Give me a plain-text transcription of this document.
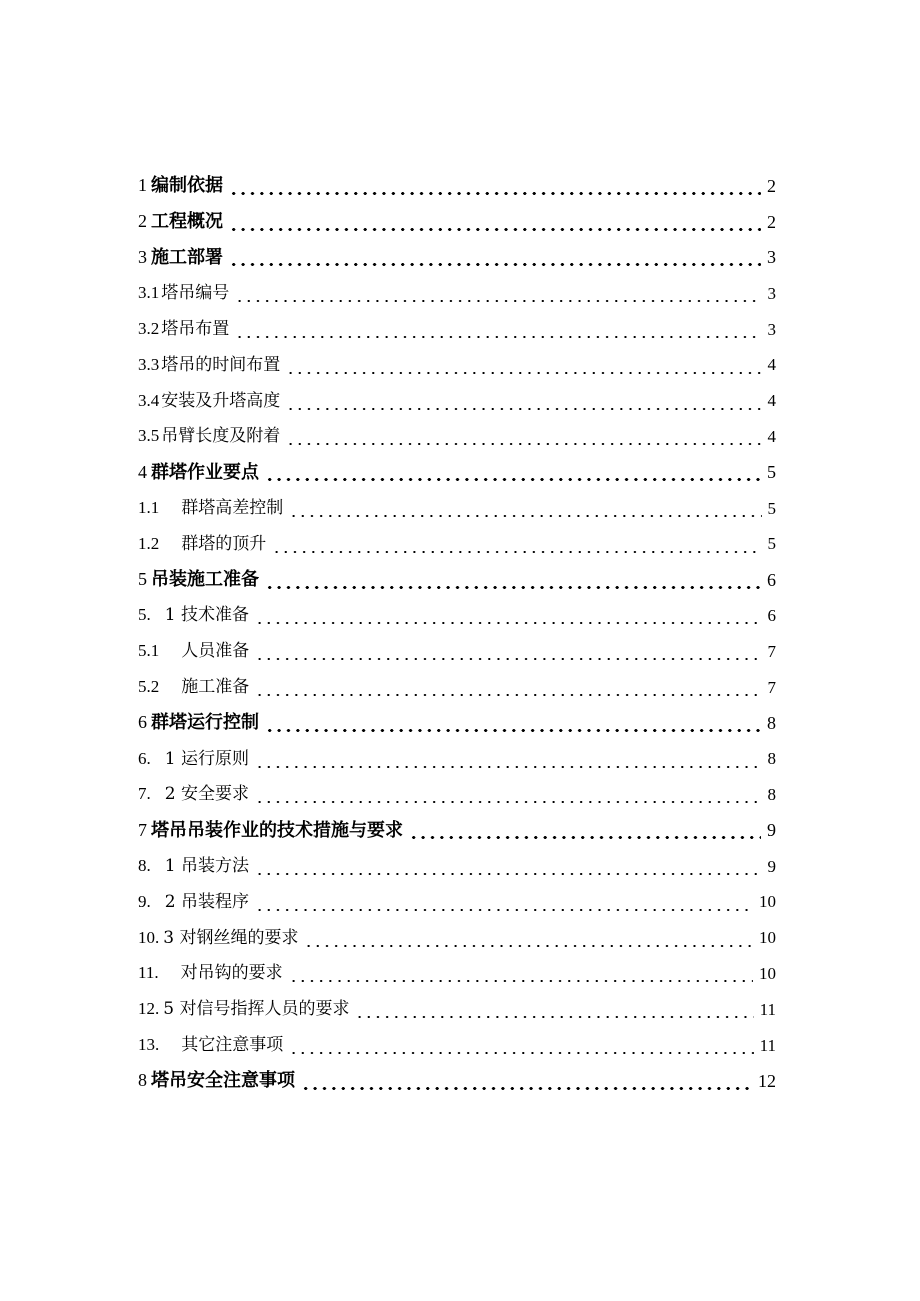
1 编制依据	2
2 工程概况	2
3 施工部署	3
3.1 塔吊编号	3
3.2 塔吊布置	3
3.3 塔吊的时间布置	4
3.4 安装及升塔高度	4
3.5 吊臂长度及附着	4
4 群塔作业要点	5
1.1 群塔高差控制	5
1.2 群塔的顶升	5
5 吊装施工准备	6
5. 1 技术准备	6
5.1 人员准备	7
5.2 施工准备	7
6 群塔运行控制	8
6. 1 运行原则	8
7. 2 安全要求	8
7 塔吊吊装作业的技术措施与要求	9
8. 1 吊装方法	9
9. 2 吊装程序	10
10. 3 对钢丝绳的要求	10
11. 对吊钩的要求	10
12. 5 对信号指挥人员的要求	11
13. 其它注意事项	11
8 塔吊安全注意事项	12
